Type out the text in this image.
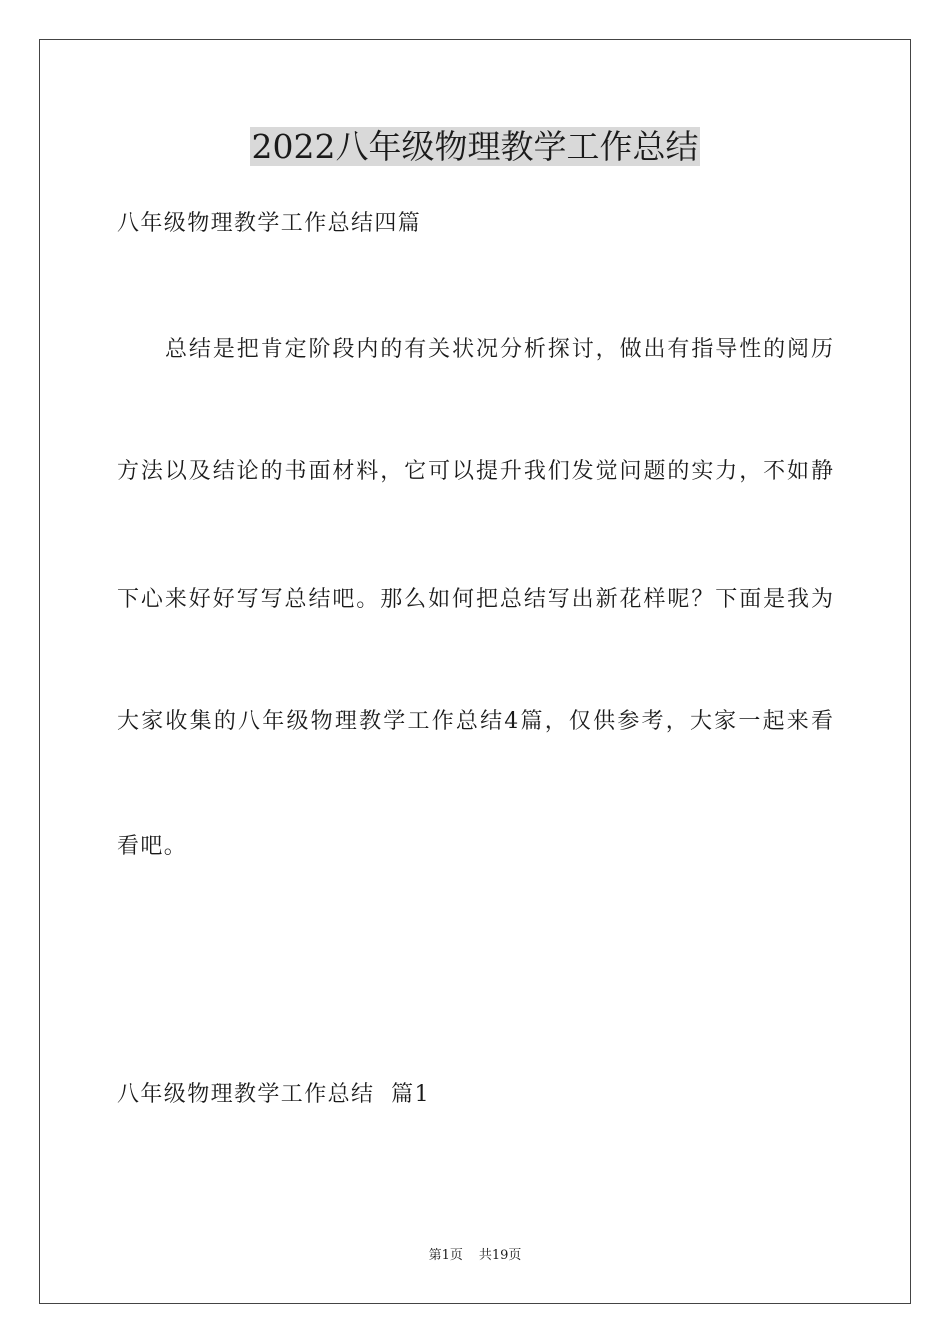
2022八年级物理教学工作总结
八年级物理教学工作总结四篇
总结是把肯定阶段内的有关状况分析探讨，做出有指导性的阅历
方法以及结论的书面材料，它可以提升我们发觉问题的实力，不如静
下心来好好写写总结吧。那么如何把总结写出新花样呢？下面是我为
大家收集的八年级物理教学工作总结4篇，仅供参考，大家一起来看
看吧。
八年级物理教学工作总结  篇1
第1页 共19页
